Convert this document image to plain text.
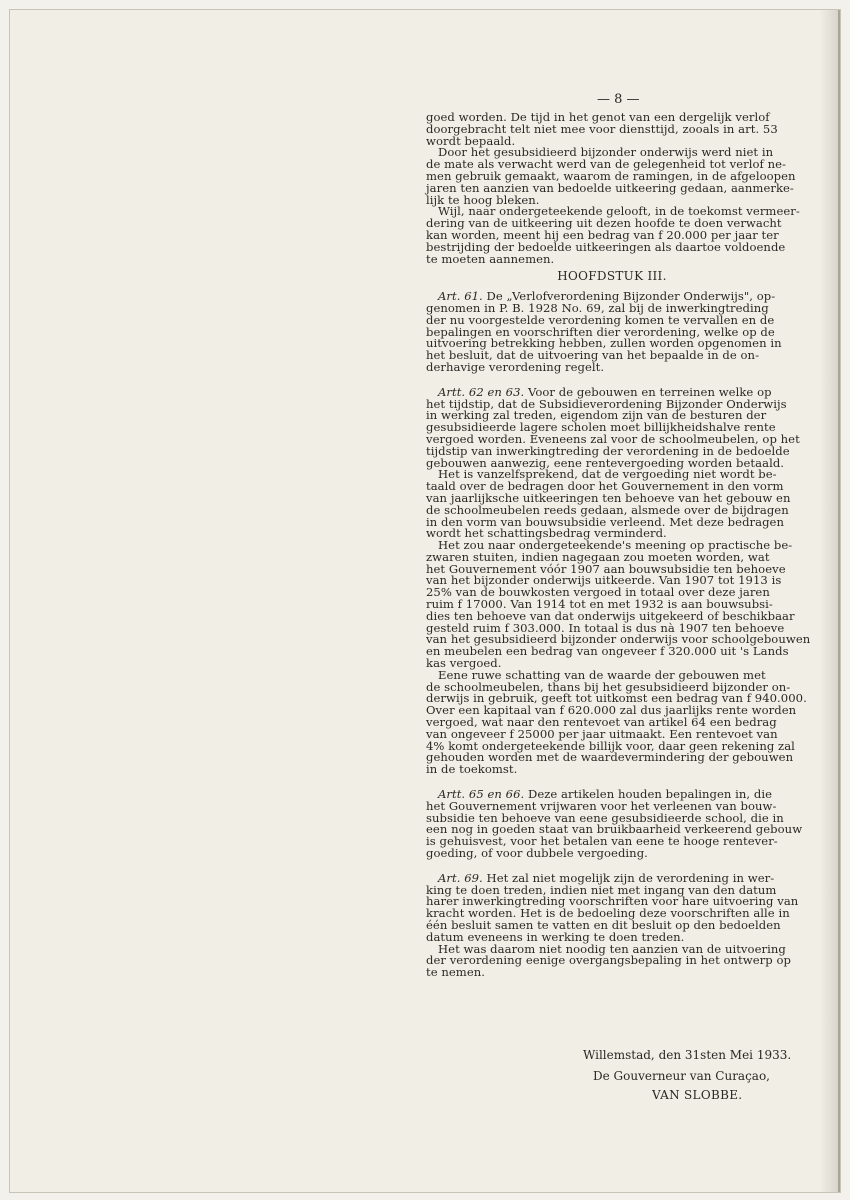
— 8 —
goed worden. De tijd in het genot van een dergelijk verlof
doorgebracht telt niet mee voor diensttijd, zooals in art. 53
wordt bepaald.
Door het gesubsidieerd bijzonder onderwijs werd niet in
de mate als verwacht werd van de gelegenheid tot verlof ne-
men gebruik gemaakt, waarom de ramingen, in de afgeloopen
jaren ten aanzien van bedoelde uitkeering gedaan, aanmerke-
lijk te hoog bleken.
Wijl, naar ondergeteekende gelooft, in de toekomst vermeer-
dering van de uitkeering uit dezen hoofde te doen verwacht
kan worden, meent hij een bedrag van f 20.000 per jaar ter
bestrijding der bedoelde uitkeeringen als daartoe voldoende
te moeten aannemen.
HOOFDSTUK III.
Art. 61. De „Verlofverordening Bijzonder Onderwijs", op-
genomen in P. B. 1928 No. 69, zal bij de inwerkingtreding
der nu voorgestelde verordening komen te vervallen en de
bepalingen en voorschriften dier verordening, welke op de
uitvoering betrekking hebben, zullen worden opgenomen in
het besluit, dat de uitvoering van het bepaalde in de on-
derhavige verordening regelt.
Artt. 62 en 63. Voor de gebouwen en terreinen welke op
het tijdstip, dat de Subsidieverordening Bijzonder Onderwijs
in werking zal treden, eigendom zijn van de besturen der
gesubsidieerde lagere scholen moet billijkheidshalve rente
vergoed worden. Eveneens zal voor de schoolmeubelen, op het
tijdstip van inwerkingtreding der verordening in de bedoelde
gebouwen aanwezig, eene rentevergoeding worden betaald.
Het is vanzelfsprekend, dat de vergoeding niet wordt be-
taald over de bedragen door het Gouvernement in den vorm
van jaarlijksche uitkeeringen ten behoeve van het gebouw en
de schoolmeubelen reeds gedaan, alsmede over de bijdragen
in den vorm van bouwsubsidie verleend. Met deze bedragen
wordt het schattingsbedrag verminderd.
Het zou naar ondergeteekende's meening op practische be-
zwaren stuiten, indien nagegaan zou moeten worden, wat
het Gouvernement vóór 1907 aan bouwsubsidie ten behoeve
van het bijzonder onderwijs uitkeerde. Van 1907 tot 1913 is
25% van de bouwkosten vergoed in totaal over deze jaren
ruim f 17000. Van 1914 tot en met 1932 is aan bouwsubsi-
dies ten behoeve van dat onderwijs uitgekeerd of beschikbaar
gesteld ruim f 303.000. In totaal is dus nà 1907 ten behoeve
van het gesubsidieerd bijzonder onderwijs voor schoolgebouwen
en meubelen een bedrag van ongeveer f 320.000 uit 's Lands
kas vergoed.
Eene ruwe schatting van de waarde der gebouwen met
de schoolmeubelen, thans bij het gesubsidieerd bijzonder on-
derwijs in gebruik, geeft tot uitkomst een bedrag van f 940.000.
Over een kapitaal van f 620.000 zal dus jaarlijks rente worden
vergoed, wat naar den rentevoet van artikel 64 een bedrag
van ongeveer f 25000 per jaar uitmaakt. Een rentevoet van
4% komt ondergeteekende billijk voor, daar geen rekening zal
gehouden worden met de waardevermindering der gebouwen
in de toekomst.
Artt. 65 en 66. Deze artikelen houden bepalingen in, die
het Gouvernement vrijwaren voor het verleenen van bouw-
subsidie ten behoeve van eene gesubsidieerde school, die in
een nog in goeden staat van bruikbaarheid verkeerend gebouw
is gehuisvest, voor het betalen van eene te hooge rentever-
goeding, of voor dubbele vergoeding.
Art. 69. Het zal niet mogelijk zijn de verordening in wer-
king te doen treden, indien niet met ingang van den datum
harer inwerkingtreding voorschriften voor hare uitvoering van
kracht worden. Het is de bedoeling deze voorschriften alle in
één besluit samen te vatten en dit besluit op den bedoelden
datum eveneens in werking te doen treden.
Het was daarom niet noodig ten aanzien van de uitvoering
der verordening eenige overgangsbepaling in het ontwerp op
te nemen.
Willemstad, den 31sten Mei 1933.
De Gouverneur van Curaçao,
VAN SLOBBE.
